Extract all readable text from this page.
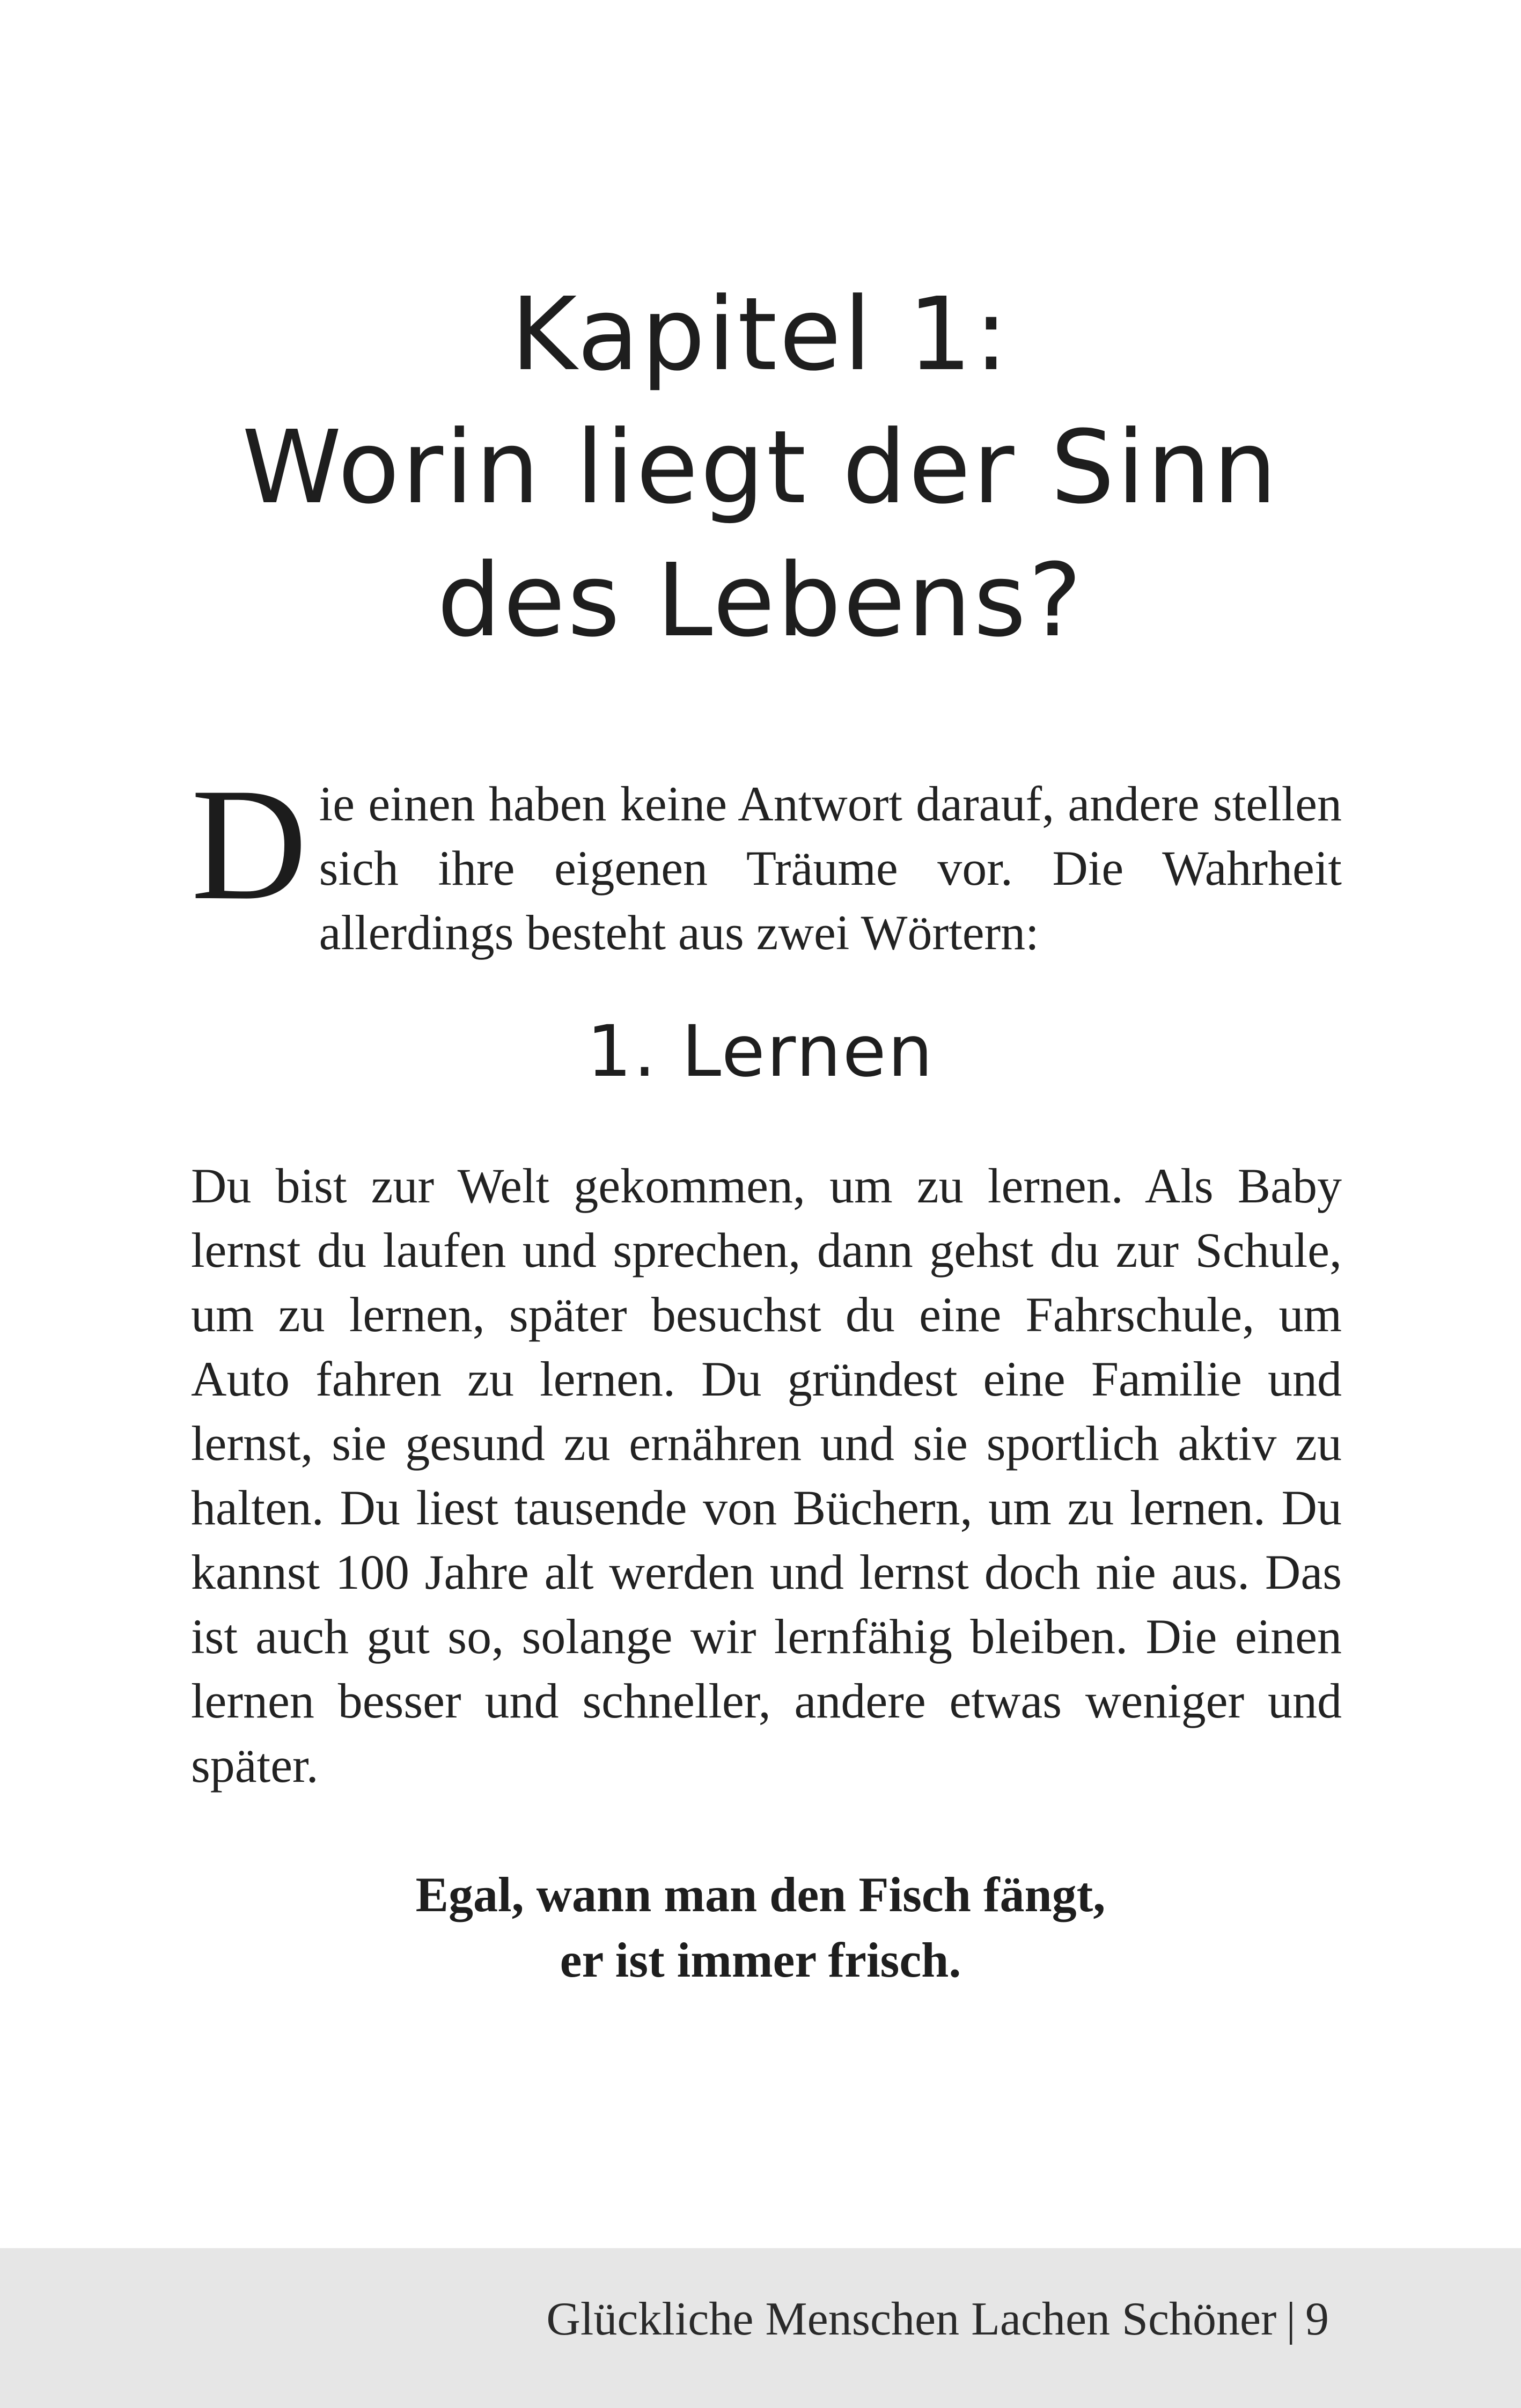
Kapitel 1:
Worin liegt der Sinn
des Lebens?

Die einen haben keine Antwort darauf, andere stellen sich ihre eigenen Träume vor. Die Wahrheit allerdings besteht aus zwei Wörtern:

1. Lernen

Du bist zur Welt gekommen, um zu lernen. Als Baby lernst du laufen und sprechen, dann gehst du zur Schule, um zu lernen, später besuchst du eine Fahrschule, um Auto fahren zu lernen. Du gründest eine Familie und lernst, sie gesund zu ernähren und sie sportlich aktiv zu halten. Du liest tausende von Büchern, um zu lernen. Du kannst 100 Jahre alt werden und lernst doch nie aus. Das ist auch gut so, solange wir lernfähig bleiben. Die einen lernen besser und schneller, andere etwas weniger und später.

Egal, wann man den Fisch fängt,
er ist immer frisch.

Glückliche Menschen Lachen Schöner | 9
